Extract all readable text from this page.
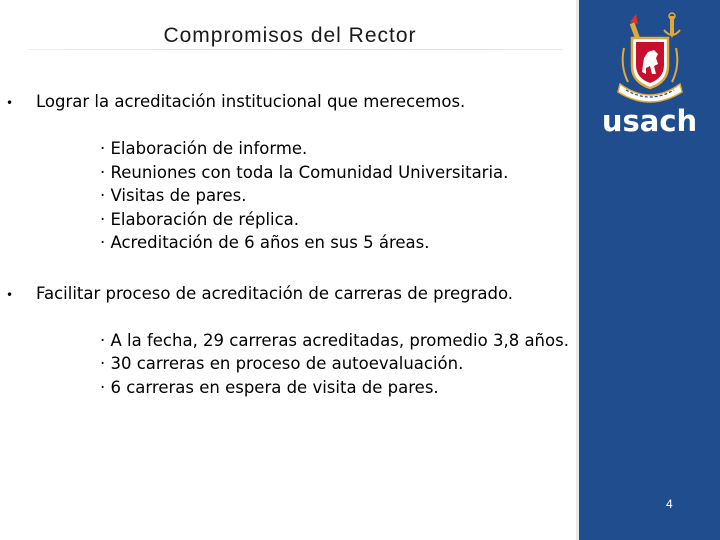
Compromisos del Rector
• Lograr la acreditación institucional que merecemos.
· Elaboración de informe.
· Reuniones con toda la Comunidad Universitaria.
· Visitas de pares.
· Elaboración de réplica.
· Acreditación de 6 años en sus 5 áreas.
• Facilitar proceso de acreditación de carreras de pregrado.
· A la fecha, 29 carreras acreditadas, promedio 3,8 años.
· 30 carreras en proceso de autoevaluación.
· 6 carreras en espera de visita de pares.
usach
4
